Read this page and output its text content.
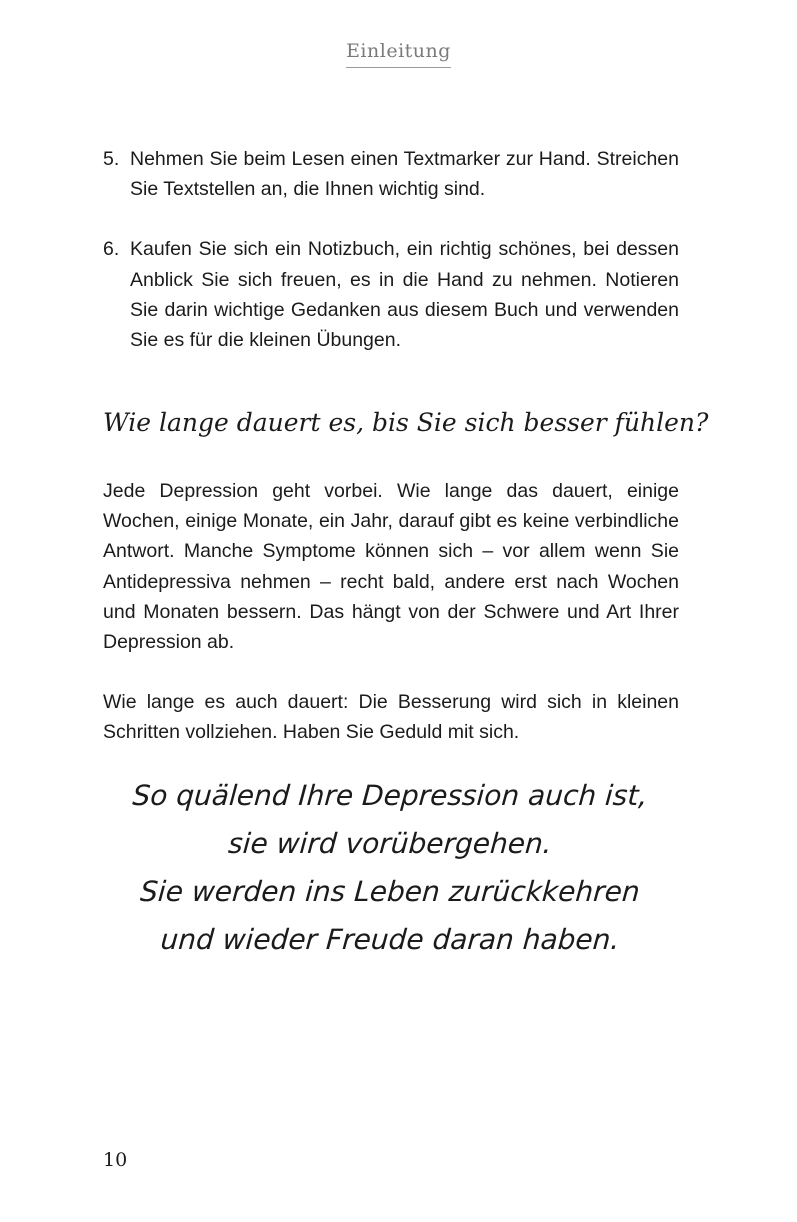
Einleitung
5. Nehmen Sie beim Lesen einen Textmarker zur Hand. Streichen Sie Textstellen an, die Ihnen wichtig sind.
6. Kaufen Sie sich ein Notizbuch, ein richtig schönes, bei dessen Anblick Sie sich freuen, es in die Hand zu nehmen. Notieren Sie darin wichtige Gedanken aus diesem Buch und verwenden Sie es für die kleinen Übungen.
Wie lange dauert es, bis Sie sich besser fühlen?

Jede Depression geht vorbei. Wie lange das dauert, einige Wochen, einige Monate, ein Jahr, darauf gibt es keine verbindliche Antwort. Manche Symptome können sich – vor allem wenn Sie Antidepressiva nehmen – recht bald, andere erst nach Wochen und Monaten bessern. Das hängt von der Schwere und Art Ihrer Depression ab.

Wie lange es auch dauert: Die Besserung wird sich in kleinen Schritten vollziehen. Haben Sie Geduld mit sich.

So quälend Ihre Depression auch ist,
sie wird vorübergehen.
Sie werden ins Leben zurückkehren
und wieder Freude daran haben.
10
